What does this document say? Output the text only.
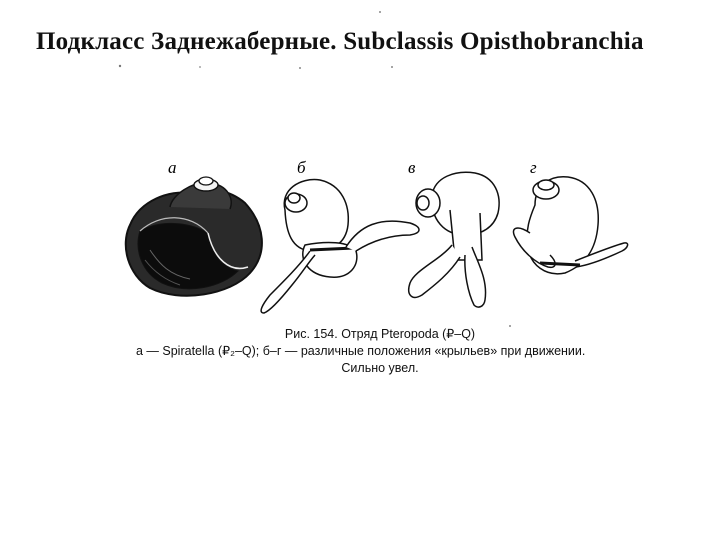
Подкласс Заднежаберные. Subclassis Opisthobranchia
а	б	в	г
Рис. 154. Отряд Pteropoda (₽–Q)
а — Spiratella (₽₂–Q); б–г — различные положения «крыльев» при движении.
Сильно увел.
